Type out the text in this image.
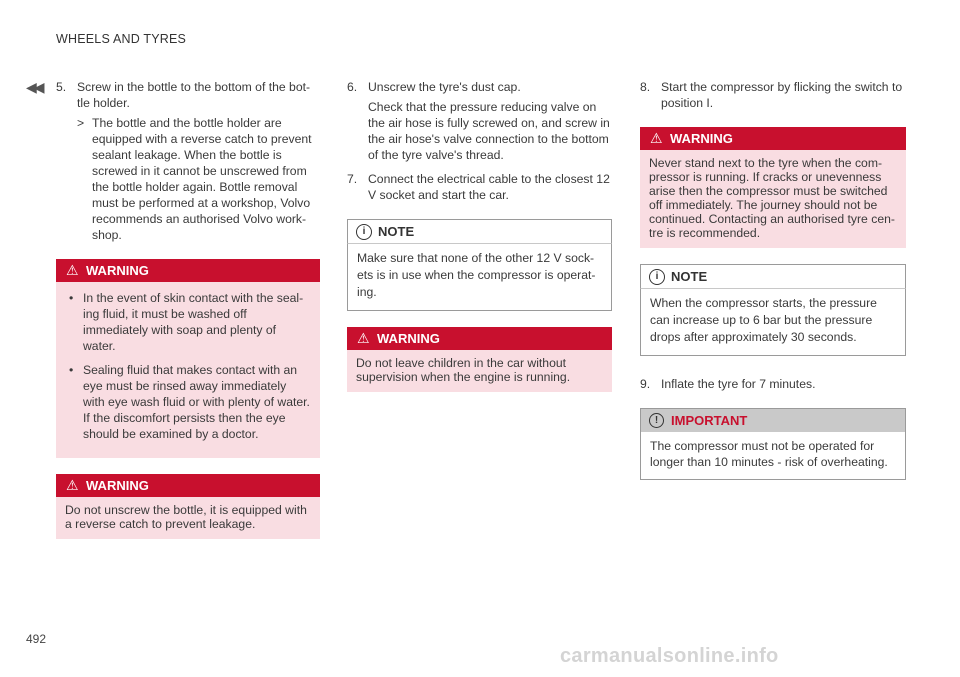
WHEELS AND TYRES
◀◀
492
5. Screw in the bottle to the bottom of the bot-tle holder.
> The bottle and the bottle holder are equipped with a reverse catch to prevent sealant leakage. When the bottle is screwed in it cannot be unscrewed from the bottle holder again. Bottle removal must be performed at a workshop, Volvo recommends an authorised Volvo work-shop.
⚠ WARNING
• In the event of skin contact with the seal-ing fluid, it must be washed off immediately with soap and plenty of water.
• Sealing fluid that makes contact with an eye must be rinsed away immediately with eye wash fluid or with plenty of water. If the discomfort persists then the eye should be examined by a doctor.
⚠ WARNING
Do not unscrew the bottle, it is equipped with a reverse catch to prevent leakage.
6. Unscrew the tyre's dust cap.
Check that the pressure reducing valve on the air hose is fully screwed on, and screw in the air hose's valve connection to the bottom of the tyre valve's thread.
7. Connect the electrical cable to the closest 12 V socket and start the car.
i NOTE
Make sure that none of the other 12 V sock-ets is in use when the compressor is operat-ing.
⚠ WARNING
Do not leave children in the car without supervision when the engine is running.
8. Start the compressor by flicking the switch to position I.
⚠ WARNING
Never stand next to the tyre when the com-pressor is running. If cracks or unevenness arise then the compressor must be switched off immediately. The journey should not be continued. Contacting an authorised tyre cen-tre is recommended.
i NOTE
When the compressor starts, the pressure can increase up to 6 bar but the pressure drops after approximately 30 seconds.
9. Inflate the tyre for 7 minutes.
! IMPORTANT
The compressor must not be operated for longer than 10 minutes - risk of overheating.
carmanualsonline.info
